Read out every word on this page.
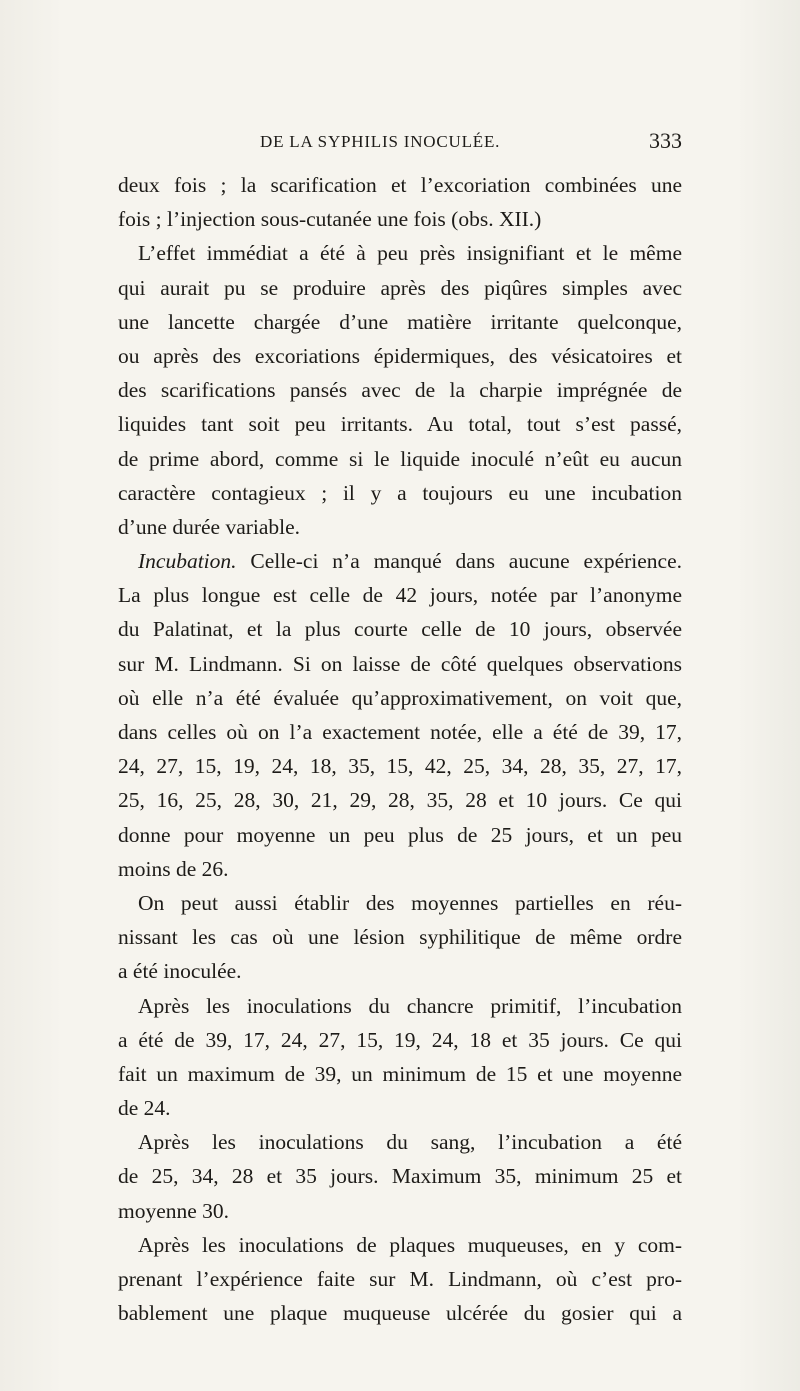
DE LA SYPHILIS INOCULÉE.	333
deux fois ; la scarification et l’excoriation combinées une
fois ; l’injection sous-cutanée une fois (obs. XII.)
L’effet immédiat a été à peu près insignifiant et le même
qui aurait pu se produire après des piqûres simples avec
une lancette chargée d’une matière irritante quelconque,
ou après des excoriations épidermiques, des vésicatoires et
des scarifications pansés avec de la charpie imprégnée de
liquides tant soit peu irritants. Au total, tout s’est passé,
de prime abord, comme si le liquide inoculé n’eût eu aucun
caractère contagieux ; il y a toujours eu une incubation
d’une durée variable.
Incubation. Celle-ci n’a manqué dans aucune expérience.
La plus longue est celle de 42 jours, notée par l’anonyme
du Palatinat, et la plus courte celle de 10 jours, observée
sur M. Lindmann. Si on laisse de côté quelques observations
où elle n’a été évaluée qu’approximativement, on voit que,
dans celles où on l’a exactement notée, elle a été de 39, 17,
24, 27, 15, 19, 24, 18, 35, 15, 42, 25, 34, 28, 35, 27, 17,
25, 16, 25, 28, 30, 21, 29, 28, 35, 28 et 10 jours. Ce qui
donne pour moyenne un peu plus de 25 jours, et un peu
moins de 26.
On peut aussi établir des moyennes partielles en réu-
nissant les cas où une lésion syphilitique de même ordre
a été inoculée.
Après les inoculations du chancre primitif, l’incubation
a été de 39, 17, 24, 27, 15, 19, 24, 18 et 35 jours. Ce qui
fait un maximum de 39, un minimum de 15 et une moyenne
de 24.
Après les inoculations du sang, l’incubation a été
de 25, 34, 28 et 35 jours. Maximum 35, minimum 25 et
moyenne 30.
Après les inoculations de plaques muqueuses, en y com-
prenant l’expérience faite sur M. Lindmann, où c’est pro-
bablement une plaque muqueuse ulcérée du gosier qui a
